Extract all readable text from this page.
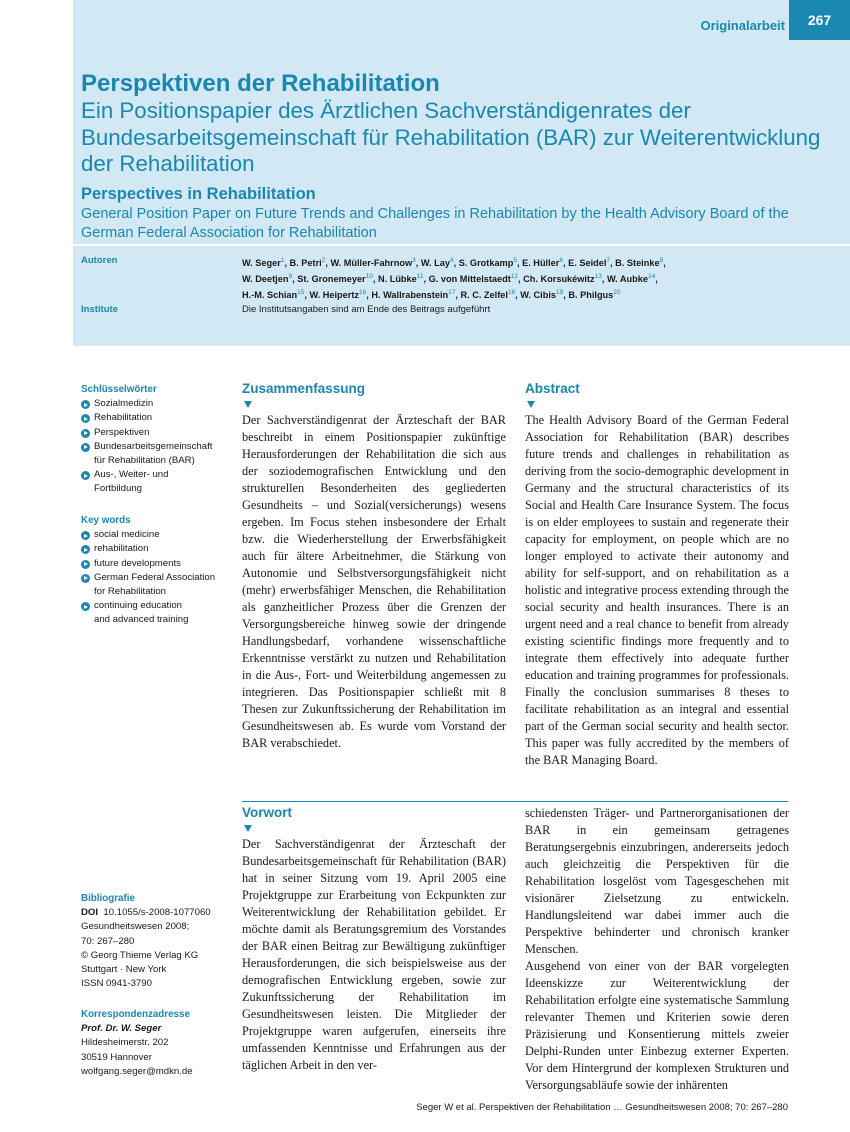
Originalarbeit	267
Perspektiven der Rehabilitation
Ein Positionspapier des Ärztlichen Sachverständigenrates der Bundesarbeitsgemeinschaft für Rehabilitation (BAR) zur Weiterentwicklung der Rehabilitation
Perspectives in Rehabilitation
General Position Paper on Future Trends and Challenges in Rehabilitation by the Health Advisory Board of the German Federal Association for Rehabilitation
Autoren	W. Seger$^1$, B. Petri$^2$, W. Müller-Fahrnow$^3$, W. Lay$^4$, S. Grotkamp$^5$, E. Hüller$^6$, E. Seidel$^7$, B. Steinke$^8$,
W. Deetjen$^9$, St. Gronemeyer$^{10}$, N. Lübke$^{11}$, G. von Mittelstaedt$^{12}$, Ch. Korsukéwitz$^{13}$, W. Aubke$^{14}$,
H.-M. Schian$^{15}$, W. Heipertz$^{16}$, H. Wallrabenstein$^{17}$, R. C. Zelfel$^{18}$, W. Cibis$^{19}$, B. Philgus$^{20}$
Institute	Die Institutsangaben sind am Ende des Beitrags aufgeführt
Schlüsselwörter
Sozialmedizin
Rehabilitation
Perspektiven
Bundesarbeitsgemeinschaft
für Rehabilitation (BAR)
Aus-, Weiter- und
Fortbildung
Key words
social medicine
rehabilitation
future developments
German Federal Association
for Rehabilitation
continuing education
and advanced training
Bibliografie
DOI 10.1055/s-2008-1077060
Gesundheitswesen 2008;
70: 267–280
© Georg Thieme Verlag KG
Stuttgart · New York
ISSN 0941-3790
Korrespondenzadresse
Prof. Dr. W. Seger
Hildesheimerstr. 202
30519 Hannover
wolfgang.seger@mdkn.de
Zusammenfassung

Der Sachverständigenrat der Ärzteschaft der BAR beschreibt in einem Positionspapier zukünftige Herausforderungen der Rehabilitation die sich aus der soziodemografischen Entwicklung und den strukturellen Besonderheiten des gegliederten Gesundheits – und Sozial(versicherungs) wesens ergeben. Im Focus stehen insbesondere der Erhalt bzw. die Wiederherstellung der Erwerbsfähigkeit auch für ältere Arbeitnehmer, die Stärkung von Autonomie und Selbstversorgungsfähigkeit nicht (mehr) erwerbsfähiger Menschen, die Rehabilitation als ganzheitlicher Prozess über die Grenzen der Versorgungsbereiche hinweg sowie der dringende Handlungsbedarf, vorhandene wissenschaftliche Erkenntnisse verstärkt zu nutzen und Rehabilitation in die Aus-, Fort- und Weiterbildung angemessen zu integrieren. Das Positionspapier schließt mit 8 Thesen zur Zukunftssicherung der Rehabilitation im Gesundheitswesen ab. Es wurde vom Vorstand der BAR verabschiedet.

Abstract

The Health Advisory Board of the German Federal Association for Rehabilitation (BAR) describes future trends and challenges in rehabilitation as deriving from the socio-demographic development in Germany and the structural characteristics of its Social and Health Care Insurance System. The focus is on elder employees to sustain and regenerate their capacity for employment, on people which are no longer employed to activate their autonomy and ability for self-support, and on rehabilitation as a holistic and integrative process extending through the social security and health insurances. There is an urgent need and a real chance to benefit from already existing scientific findings more frequently and to integrate them effectively into adequate further education and training programmes for professionals. Finally the conclusion summarises 8 theses to facilitate rehabilitation as an integral and essential part of the German social security and health sector. This paper was fully accredited by the members of the BAR Managing Board.

Vorwort

Der Sachverständigenrat der Ärzteschaft der Bundesarbeitsgemeinschaft für Rehabilitation (BAR) hat in seiner Sitzung vom 19. April 2005 eine Projektgruppe zur Erarbeitung von Eckpunkten zur Weiterentwicklung der Rehabilitation gebildet. Er möchte damit als Beratungsgremium des Vorstandes der BAR einen Beitrag zur Bewältigung zukünftiger Herausforderungen, die sich beispielsweise aus der demografischen Entwicklung ergeben, sowie zur Zukunftssicherung der Rehabilitation im Gesundheitswesen leisten. Die Mitglieder der Projektgruppe waren aufgerufen, einerseits ihre umfassenden Kenntnisse und Erfahrungen aus der täglichen Arbeit in den ver-

schiedensten Träger- und Partnerorganisationen der BAR in ein gemeinsam getragenes Beratungsergebnis einzubringen, andererseits jedoch auch gleichzeitig die Perspektiven für die Rehabilitation losgelöst vom Tagesgeschehen mit visionärer Zielsetzung zu entwickeln. Handlungsleitend war dabei immer auch die Perspektive behinderter und chronisch kranker Menschen.

Ausgehend von einer von der BAR vorgelegten Ideenskizze zur Weiterentwicklung der Rehabilitation erfolgte eine systematische Sammlung relevanter Themen und Kriterien sowie deren Präzisierung und Konsentierung mittels zweier Delphi-Runden unter Einbezug externer Experten. Vor dem Hintergrund der komplexen Strukturen und Versorgungsabläufe sowie der inhärenten

Seger W et al. Perspektiven der Rehabilitation … Gesundheitswesen 2008; 70: 267–280
